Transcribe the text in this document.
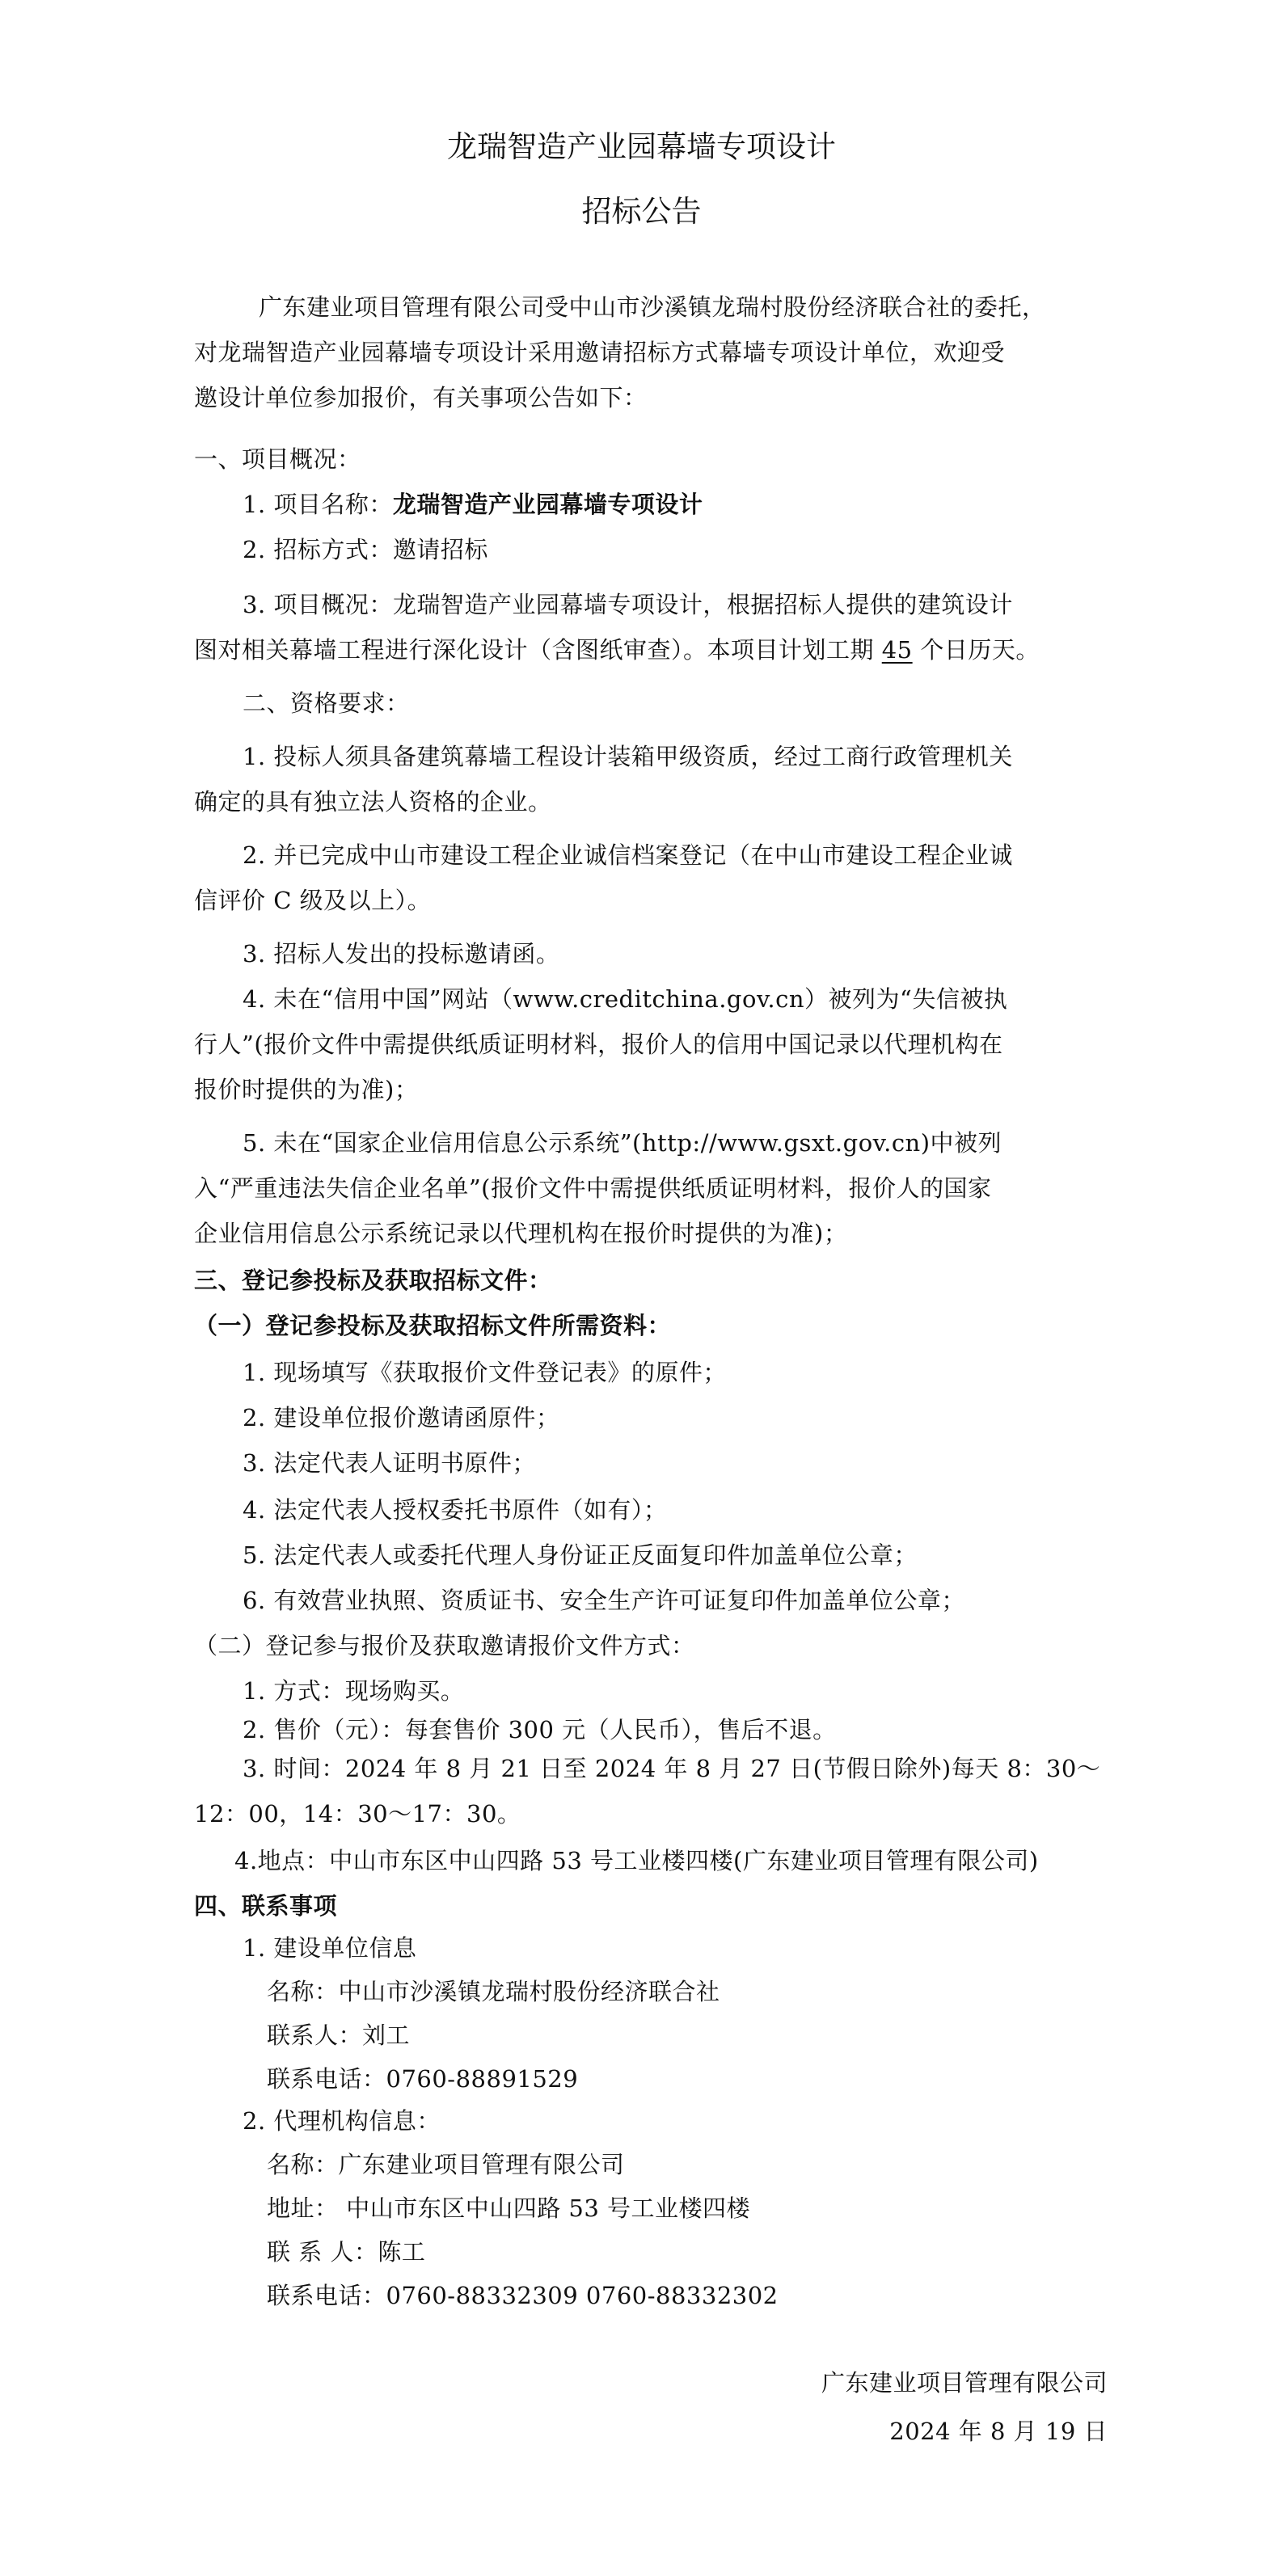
龙瑞智造产业园幕墙专项设计
招标公告
广东建业项目管理有限公司受中山市沙溪镇龙瑞村股份经济联合社的委托，
对龙瑞智造产业园幕墙专项设计采用邀请招标方式幕墙专项设计单位，欢迎受
邀设计单位参加报价，有关事项公告如下：
一、项目概况：
1. 项目名称：龙瑞智造产业园幕墙专项设计
2. 招标方式：邀请招标
3. 项目概况：龙瑞智造产业园幕墙专项设计，根据招标人提供的建筑设计
图对相关幕墙工程进行深化设计（含图纸审查）。本项目计划工期 45 个日历天。
二、资格要求：
1. 投标人须具备建筑幕墙工程设计装箱甲级资质，经过工商行政管理机关
确定的具有独立法人资格的企业。
2. 并已完成中山市建设工程企业诚信档案登记（在中山市建设工程企业诚
信评价 C 级及以上）。
3. 招标人发出的投标邀请函。
4. 未在“信用中国”网站（www.creditchina.gov.cn）被列为“失信被执
行人”(报价文件中需提供纸质证明材料，报价人的信用中国记录以代理机构在
报价时提供的为准)；
5. 未在“国家企业信用信息公示系统”(http://www.gsxt.gov.cn)中被列
入“严重违法失信企业名单”(报价文件中需提供纸质证明材料，报价人的国家
企业信用信息公示系统记录以代理机构在报价时提供的为准)；
三、登记参投标及获取招标文件：
（一）登记参投标及获取招标文件所需资料：
1. 现场填写《获取报价文件登记表》的原件；
2. 建设单位报价邀请函原件；
3. 法定代表人证明书原件；
4. 法定代表人授权委托书原件（如有）；
5. 法定代表人或委托代理人身份证正反面复印件加盖单位公章；
6. 有效营业执照、资质证书、安全生产许可证复印件加盖单位公章；
（二）登记参与报价及获取邀请报价文件方式：
1. 方式：现场购买。
2. 售价（元）：每套售价 300 元（人民币），售后不退。
3. 时间：2024 年 8 月 21 日至 2024 年 8 月 27 日(节假日除外)每天 8：30～
12：00，14：30～17：30。
4.地点：中山市东区中山四路 53 号工业楼四楼(广东建业项目管理有限公司)
四、联系事项
1. 建设单位信息
名称：中山市沙溪镇龙瑞村股份经济联合社
联系人：刘工
联系电话：0760-88891529
2. 代理机构信息：
名称：广东建业项目管理有限公司
地址： 中山市东区中山四路 53 号工业楼四楼
联 系 人：陈工
联系电话：0760-88332309 0760-88332302
广东建业项目管理有限公司
2024 年 8 月 19 日
